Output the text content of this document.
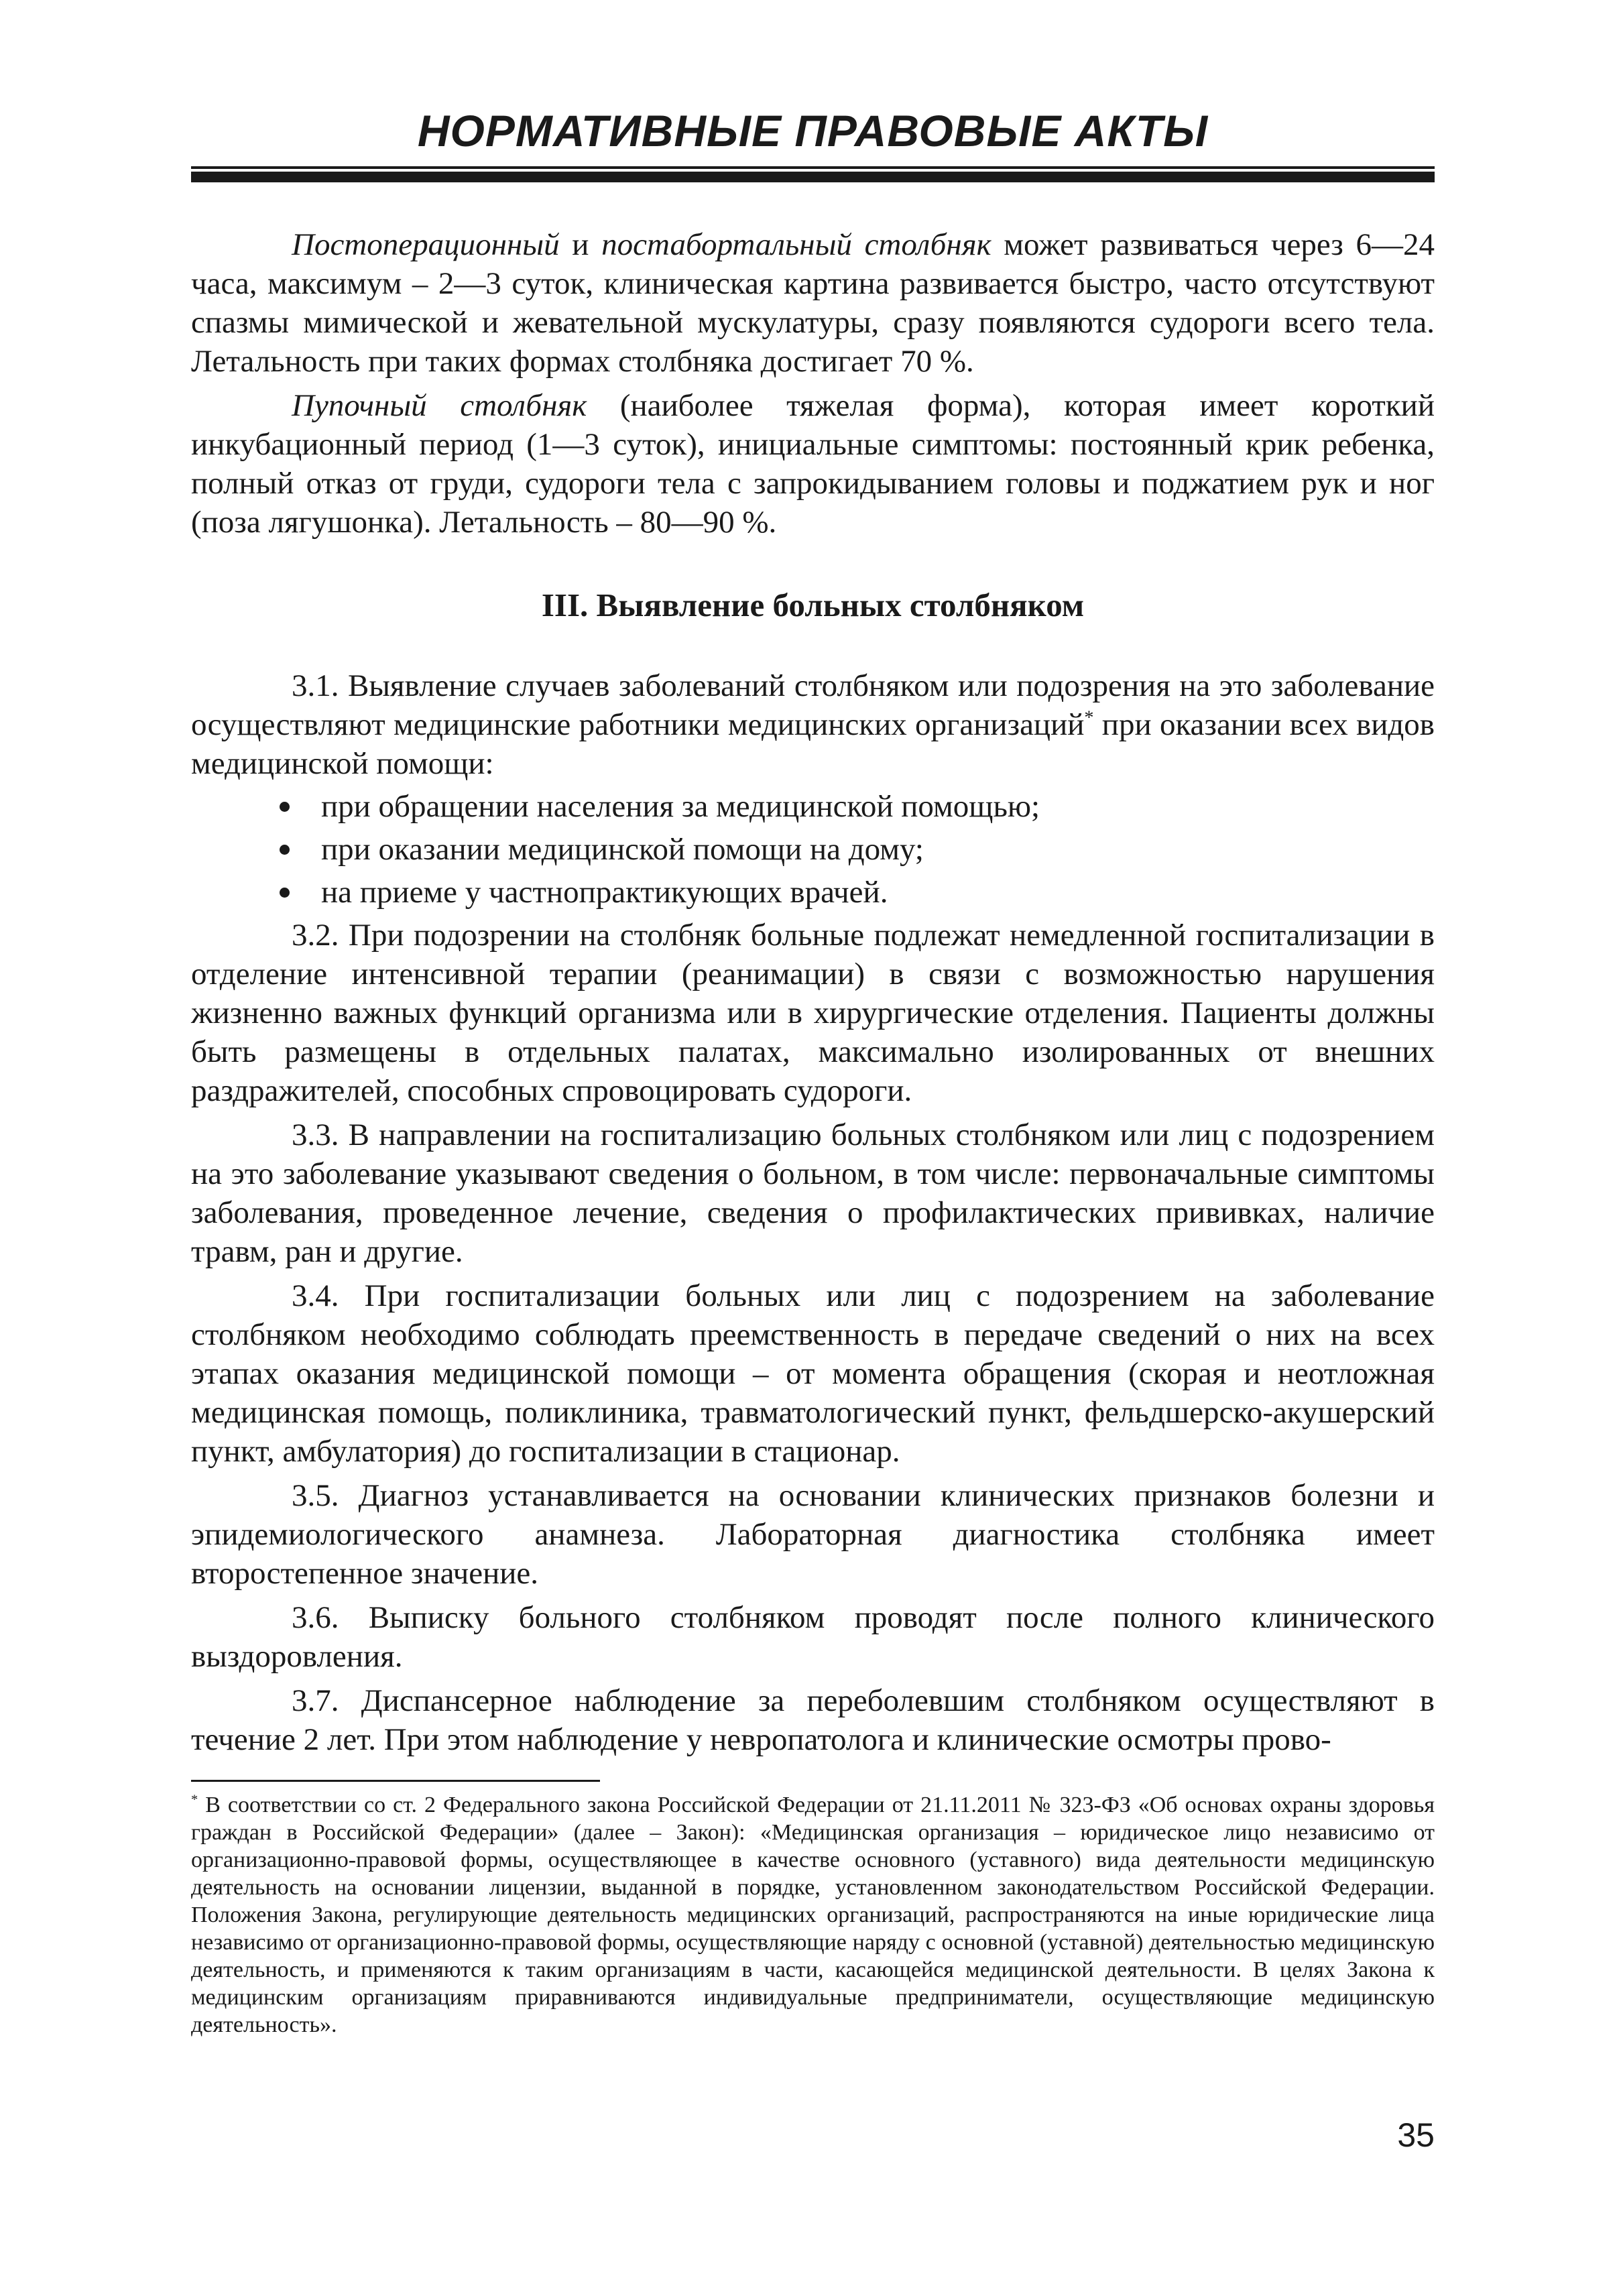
НОРМАТИВНЫЕ ПРАВОВЫЕ АКТЫ

Постоперационный и постабортальный столбняк может развиваться через 6—24 часа, максимум – 2—3 суток, клиническая картина развивается быстро, часто отсутствуют спазмы мимической и жевательной мускулатуры, сразу появляются судороги всего тела. Летальность при таких формах столбняка достигает 70 %.

Пупочный столбняк (наиболее тяжелая форма), которая имеет короткий инкубационный период (1—3 суток), инициальные симптомы: постоянный крик ребенка, полный отказ от груди, судороги тела с запрокидыванием головы и поджатием рук и ног (поза лягушонка). Летальность – 80—90 %.

III. Выявление больных столбняком

3.1. Выявление случаев заболеваний столбняком или подозрения на это заболевание осуществляют медицинские работники медицинских организаций* при оказании всех видов медицинской помощи:

при обращении населения за медицинской помощью;
при оказании медицинской помощи на дому;
на приеме у частнопрактикующих врачей.

3.2. При подозрении на столбняк больные подлежат немедленной госпитализации в отделение интенсивной терапии (реанимации) в связи с возможностью нарушения жизненно важных функций организма или в хирургические отделения. Пациенты должны быть размещены в отдельных палатах, максимально изолированных от внешних раздражителей, способных спровоцировать судороги.

3.3. В направлении на госпитализацию больных столбняком или лиц с подозрением на это заболевание указывают сведения о больном, в том числе: первоначальные симптомы заболевания, проведенное лечение, сведения о профилактических прививках, наличие травм, ран и другие.

3.4. При госпитализации больных или лиц с подозрением на заболевание столбняком необходимо соблюдать преемственность в передаче сведений о них на всех этапах оказания медицинской помощи – от момента обращения (скорая и неотложная медицинская помощь, поликлиника, травматологический пункт, фельдшерско-акушерский пункт, амбулатория) до госпитализации в стационар.

3.5. Диагноз устанавливается на основании клинических признаков болезни и эпидемиологического анамнеза. Лабораторная диагностика столбняка имеет второстепенное значение.

3.6. Выписку больного столбняком проводят после полного клинического выздоровления.

3.7. Диспансерное наблюдение за переболевшим столбняком осуществляют в течение 2 лет. При этом наблюдение у невропатолога и клинические осмотры прово-

* В соответствии со ст. 2 Федерального закона Российской Федерации от 21.11.2011 № 323-ФЗ «Об основах охраны здоровья граждан в Российской Федерации» (далее – Закон): «Медицинская организация – юридическое лицо независимо от организационно-правовой формы, осуществляющее в качестве основного (уставного) вида деятельности медицинскую деятельность на основании лицензии, выданной в порядке, установленном законодательством Российской Федерации. Положения Закона, регулирующие деятельность медицинских организаций, распространяются на иные юридические лица независимо от организационно-правовой формы, осуществляющие наряду с основной (уставной) деятельностью медицинскую деятельность, и применяются к таким организациям в части, касающейся медицинской деятельности. В целях Закона к медицинским организациям приравниваются индивидуальные предприниматели, осуществляющие медицинскую деятельность».

35
